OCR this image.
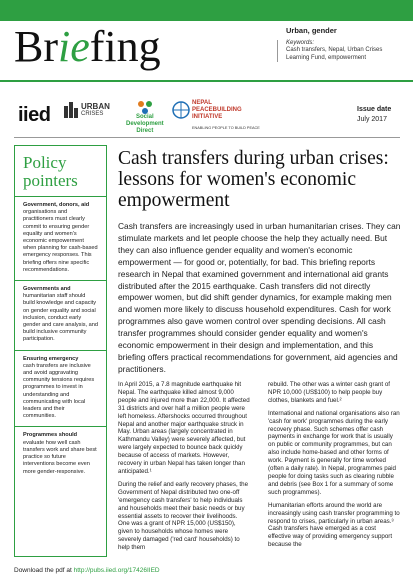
Briefing	Urban, gender
Keywords:
Cash transfers, Nepal, Urban Crises Learning Fund, empowerment
iied	URBAN
CRISES	Social
Development
Direct
NEPAL
PEACEBUILDING
INITIATIVE
ENABLING PEOPLE TO BUILD PEACE
Issue date
July 2017
Policy pointers
Government, donors, aid
organisations and practitioners must clearly commit to ensuring gender equality and women's economic empowerment when planning for cash-based emergency responses. This briefing offers nine specific recommendations.
Governments and
humanitarian staff should build knowledge and capacity on gender equality and social inclusion, conduct early gender and care analysis, and build inclusive community participation.
Ensuring emergency
cash transfers are inclusive and avoid aggravating community tensions requires programmes to invest in understanding and communicating with local leaders and their communities.
Programmes should
evaluate how well cash transfers work and share best practice so future interventions become even more gender-responsive.
Cash transfers during urban crises: lessons for women's economic empowerment

Cash transfers are increasingly used in urban humanitarian crises. They can stimulate markets and let people choose the help they actually need. But they can also influence gender equality and women's economic empowerment — for good or, potentially, for bad. This briefing reports research in Nepal that examined government and international aid grants distributed after the 2015 earthquake. Cash transfers did not directly empower women, but did shift gender dynamics, for example making men and women more likely to discuss household expenditures. Cash for work programmes also gave women control over spending decisions. All cash transfer programmes should consider gender equality and women's economic empowerment in their design and implementation, and this briefing offers practical recommendations for government, aid agencies and practitioners.

In April 2015, a 7.8 magnitude earthquake hit Nepal. The earthquake killed almost 9,000 people and injured more than 22,000. It affected 31 districts and over half a million people were left homeless. Aftershocks occurred throughout Nepal and another major earthquake struck in May. Urban areas (largely concentrated in Kathmandu Valley) were severely affected, but were largely expected to bounce back quickly because of access of markets. However, recovery in urban Nepal has taken longer than anticipated.¹

During the relief and early recovery phases, the Government of Nepal distributed two one-off 'emergency cash transfers' to help individuals and households meet their basic needs or buy essential assets to recover their livelihoods. One was a grant of NPR 15,000 (US$150), given to households whose homes were severely damaged ('red card' households) to help them

rebuild. The other was a winter cash grant of NPR 10,000 (US$100) to help people buy clothes, blankets and fuel.²

International and national organisations also ran 'cash for work' programmes during the early recovery phase. Such schemes offer cash payments in exchange for work that is usually on public or community programmes, but can also include home-based and other forms of work. Payment is generally for time worked (often a daily rate). In Nepal, programmes paid people for doing tasks such as clearing rubble and debris (see Box 1 for a summary of some such programmes).

Humanitarian efforts around the world are increasingly using cash transfer programming to respond to crises, particularly in urban areas.³ Cash transfers have emerged as a cost effective way of providing emergency support because the

Download the pdf at http://pubs.iied.org/17426IIED
